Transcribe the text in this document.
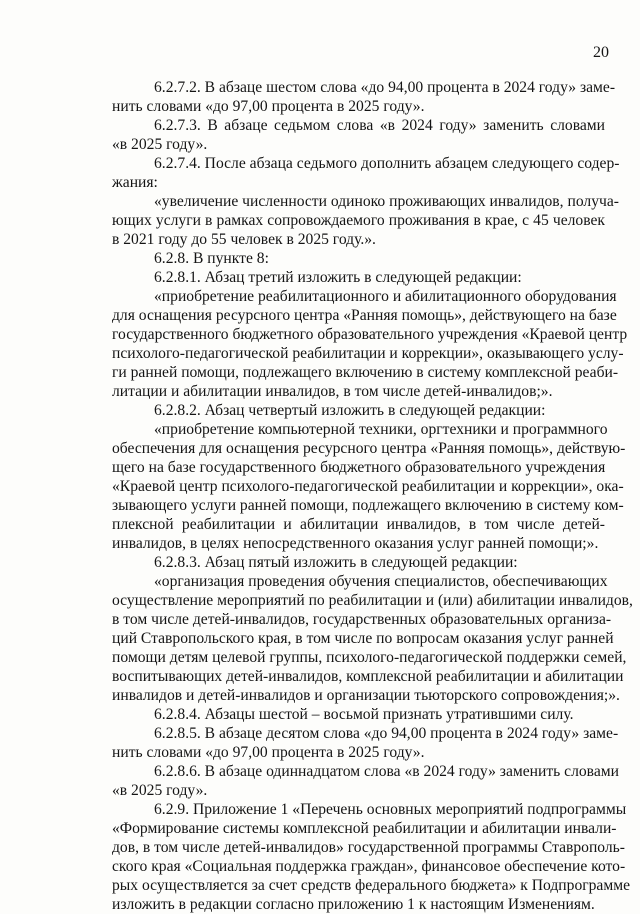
20
6.2.7.2. В абзаце шестом слова «до 94,00 процента в 2024 году» заме-
нить словами «до 97,00 процента в 2025 году».
6.2.7.3. В абзаце седьмом слова «в 2024 году» заменить словами
«в 2025 году».
6.2.7.4. После абзаца седьмого дополнить абзацем следующего содер-
жания:
«увеличение численности одиноко проживающих инвалидов, получа-
ющих услуги в рамках сопровождаемого проживания в крае, с 45 человек
в 2021 году до 55 человек в 2025 году.».
6.2.8. В пункте 8:
6.2.8.1. Абзац третий изложить в следующей редакции:
«приобретение реабилитационного и абилитационного оборудования
для оснащения ресурсного центра «Ранняя помощь», действующего на базе
государственного бюджетного образовательного учреждения «Краевой центр
психолого-педагогической реабилитации и коррекции», оказывающего услу-
ги ранней помощи, подлежащего включению в систему комплексной реаби-
литации и абилитации инвалидов, в том числе детей-инвалидов;».
6.2.8.2. Абзац четвертый изложить в следующей редакции:
«приобретение компьютерной техники, оргтехники и программного
обеспечения для оснащения ресурсного центра «Ранняя помощь», действую-
щего на базе государственного бюджетного образовательного учреждения
«Краевой центр психолого-педагогической реабилитации и коррекции», ока-
зывающего услуги ранней помощи, подлежащего включению в систему ком-
плексной реабилитации и абилитации инвалидов, в том числе детей-
инвалидов, в целях непосредственного оказания услуг ранней помощи;».
6.2.8.3. Абзац пятый изложить в следующей редакции:
«организация проведения обучения специалистов, обеспечивающих
осуществление мероприятий по реабилитации и (или) абилитации инвалидов,
в том числе детей-инвалидов, государственных образовательных организа-
ций Ставропольского края, в том числе по вопросам оказания услуг ранней
помощи детям целевой группы, психолого-педагогической поддержки семей,
воспитывающих детей-инвалидов, комплексной реабилитации и абилитации
инвалидов и детей-инвалидов и организации тьюторского сопровождения;».
6.2.8.4. Абзацы шестой – восьмой признать утратившими силу.
6.2.8.5. В абзаце десятом слова «до 94,00 процента в 2024 году» заме-
нить словами «до 97,00 процента в 2025 году».
6.2.8.6. В абзаце одиннадцатом слова «в 2024 году» заменить словами
«в 2025 году».
6.2.9. Приложение 1 «Перечень основных мероприятий подпрограммы
«Формирование системы комплексной реабилитации и абилитации инвали-
дов, в том числе детей-инвалидов» государственной программы Ставрополь-
ского края «Социальная поддержка граждан», финансовое обеспечение кото-
рых осуществляется за счет средств федерального бюджета» к Подпрограмме
изложить в редакции согласно приложению 1 к настоящим Изменениям.
